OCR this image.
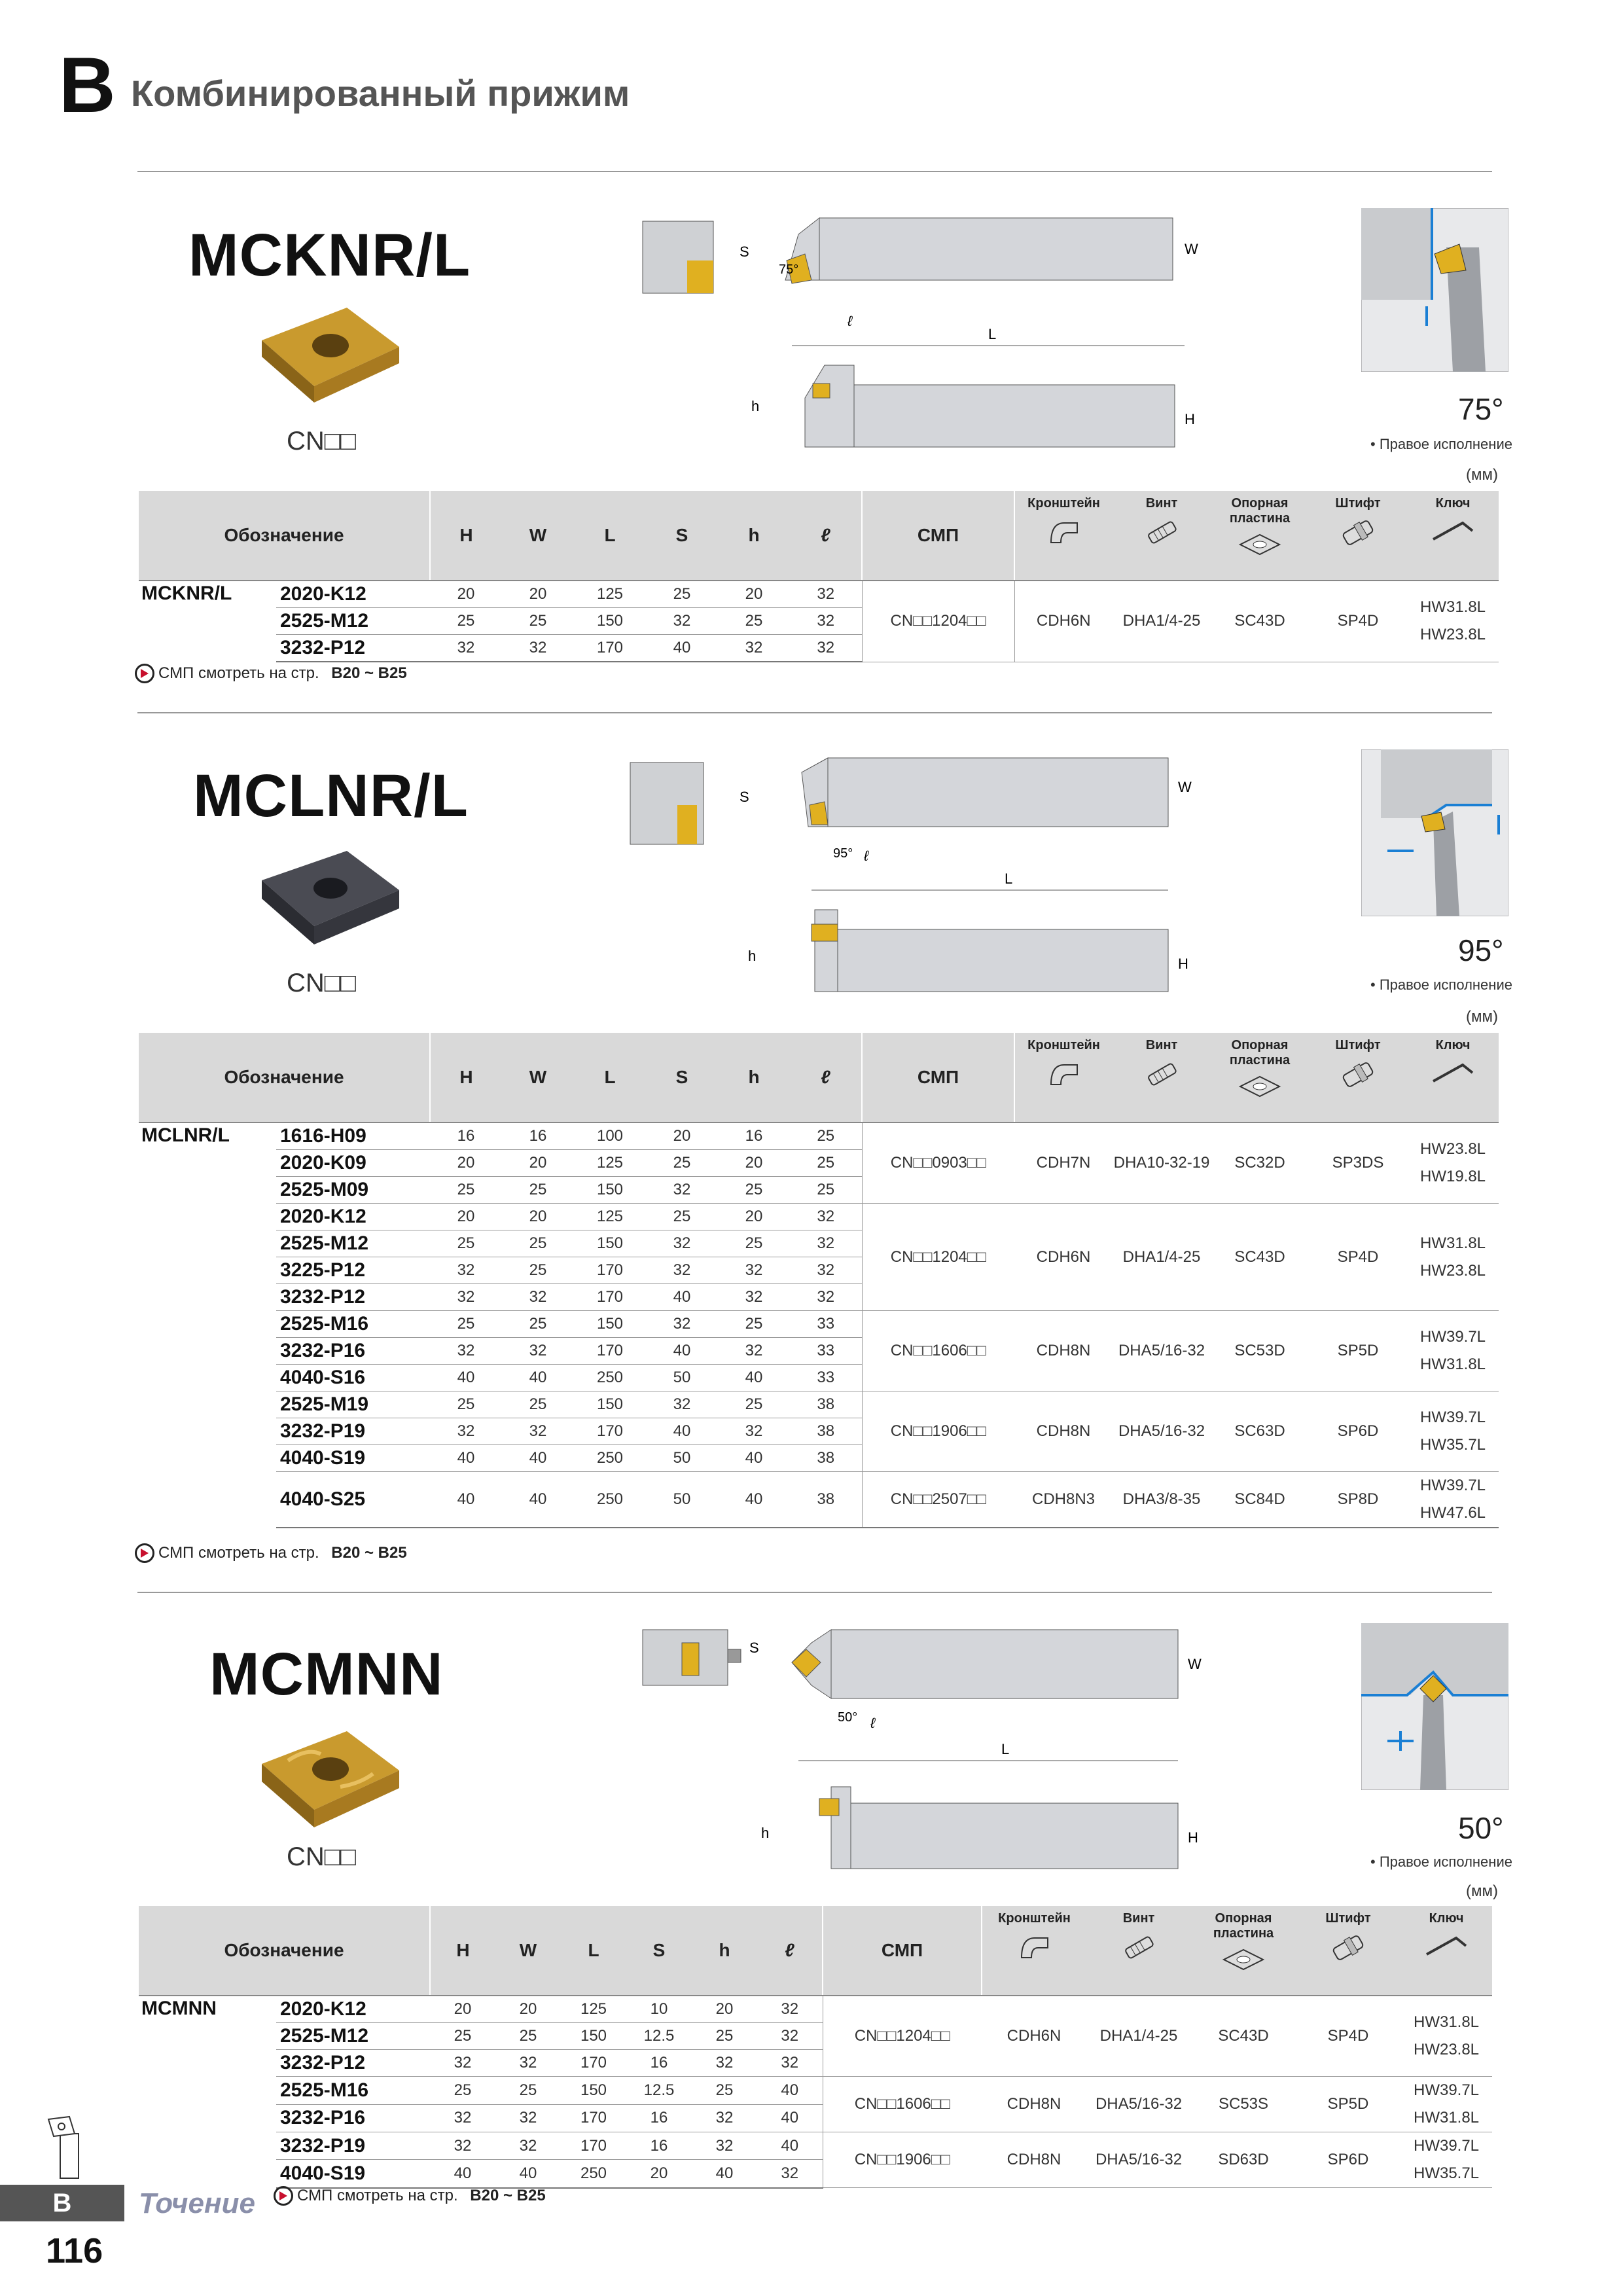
B Комбинированный прижим
MCKNR/L
CN□□
S	W
75°
ℓ
L
h
H	75°
• Правое исполнение
(мм)
Обозначение		H	W	L	S	h	ℓ	СМП	Кронштейн	Винт	Опорная пластина	Штифт	Ключ

MCKNR/L	2020-K12	20	20	125	25	20	32	CN□□1204□□	CDH6N	DHA1/4-25	SC43D	SP4D	HW31.8L
HW23.8L

	2525-M12	25	25	150	32	25	32						
	3232-P12	32	32	170	40	32	32						
СМП смотреть на стр.
B20 ~ B25
MCLNR/L
CN□□
S
W
95° ℓ
L
h	H	95°
• Правое исполнение
(мм)
Обозначение		H	W	L	S	h	ℓ	СМП	Кронштейн	Винт	Опорная пластина	Штифт	Ключ

MCLNR/L	1616-H09	16	16	100	20	16	25	CN□□0903□□	CDH7N	DHA10-32-19	SC32D	SP3DS	HW23.8L
HW19.8L

	2020-K09	20	20	125	25	20	25						
	2525-M09	25	25	150	32	25	25						
	2020-K12	20	20	125	25	20	32	CN□□1204□□	CDH6N	DHA1/4-25	SC43D	SP4D	HW31.8L
HW23.8L

	2525-M12	25	25	150	32	25	32						
	3225-P12	32	25	170	32	32	32						
	3232-P12	32	32	170	40	32	32						
	2525-M16	25	25	150	32	25	33	CN□□1606□□	CDH8N	DHA5/16-32	SC53D	SP5D	HW39.7L
HW31.8L

	3232-P16	32	32	170	40	32	33						
	4040-S16	40	40	250	50	40	33						
	2525-M19	25	25	150	32	25	38	CN□□1906□□	CDH8N	DHA5/16-32	SC63D	SP6D	HW39.7L
HW35.7L

	3232-P19	32	32	170	40	32	38						
	4040-S19	40	40	250	50	40	38						
	4040-S25	40	40	250	50	40	38	CN□□2507□□	CDH8N3	DHA3/8-35	SC84D	SP8D	HW39.7L
HW47.6L
СМП смотреть на стр.
B20 ~ B25
MCMNN
CN□□
S
W
50° ℓ
L
h	H	50°
• Правое исполнение
(мм)
Обозначение		H	W	L	S	h	ℓ	СМП	Кронштейн	Винт	Опорная пластина	Штифт	Ключ

MCMNN	2020-K12	20	20	125	10	20	32	CN□□1204□□	CDH6N	DHA1/4-25	SC43D	SP4D	HW31.8L
HW23.8L

	2525-M12	25	25	150	12.5	25	32						
	3232-P12	32	32	170	16	32	32						
	2525-M16	25	25	150	12.5	25	40	CN□□1606□□	CDH8N	DHA5/16-32	SC53S	SP5D	HW39.7L
HW31.8L

	3232-P16	32	32	170	16	32	40						
	3232-P19	32	32	170	16	32	40	CN□□1906□□	CDH8N	DHA5/16-32	SD63D	SP6D	HW39.7L
HW35.7L

	4040-S19	40	40	250	20	40	32						
СМП смотреть на стр.
B20 ~ B25
B	Точение
116
